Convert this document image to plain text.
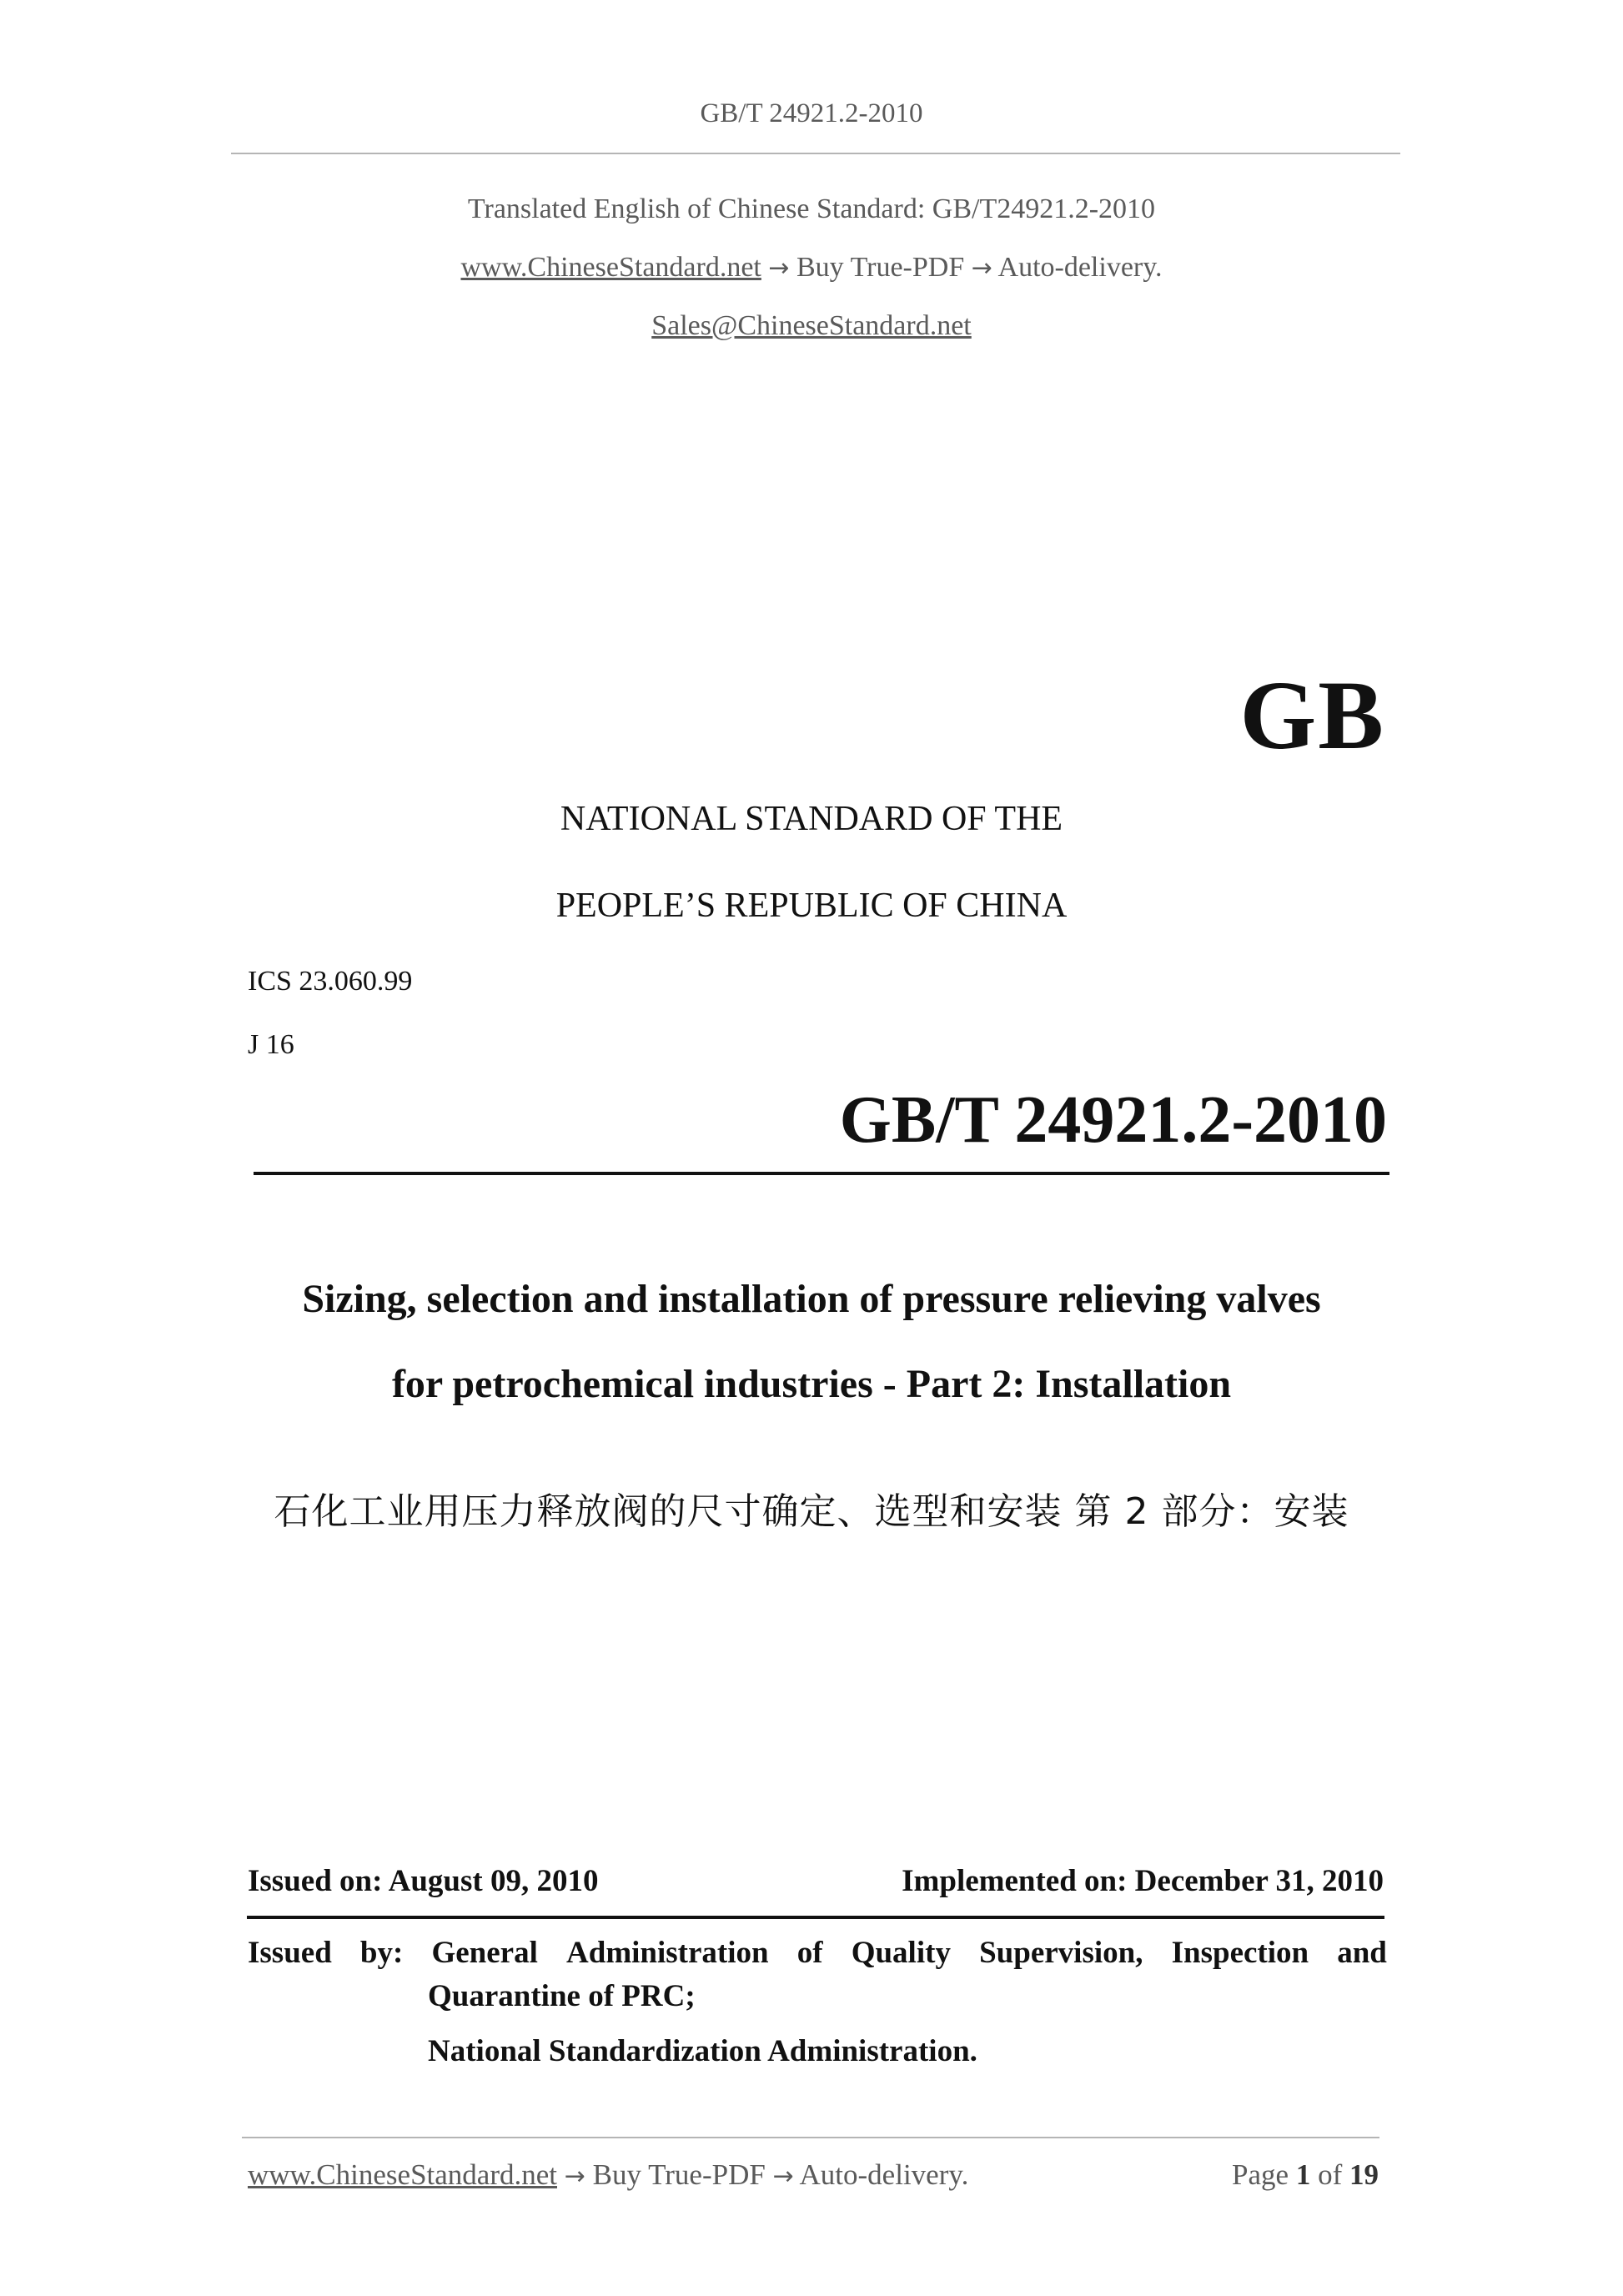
GB/T 24921.2-2010
Translated English of Chinese Standard: GB/T24921.2-2010
www.ChineseStandard.net → Buy True-PDF → Auto-delivery.
Sales@ChineseStandard.net
GB
NATIONAL STANDARD OF THE
PEOPLE’S REPUBLIC OF CHINA
ICS 23.060.99
J 16
GB/T 24921.2-2010
Sizing, selection and installation of pressure relieving valves
for petrochemical industries - Part 2: Installation
石化工业用压力释放阀的尺寸确定、选型和安装 第 2 部分：安装
Issued on: August 09, 2010	Implemented on: December 31, 2010
Issued by: General Administration of Quality Supervision, Inspection and
Quarantine of PRC;
National Standardization Administration.
www.ChineseStandard.net → Buy True-PDF → Auto-delivery.	Page 1 of 19
